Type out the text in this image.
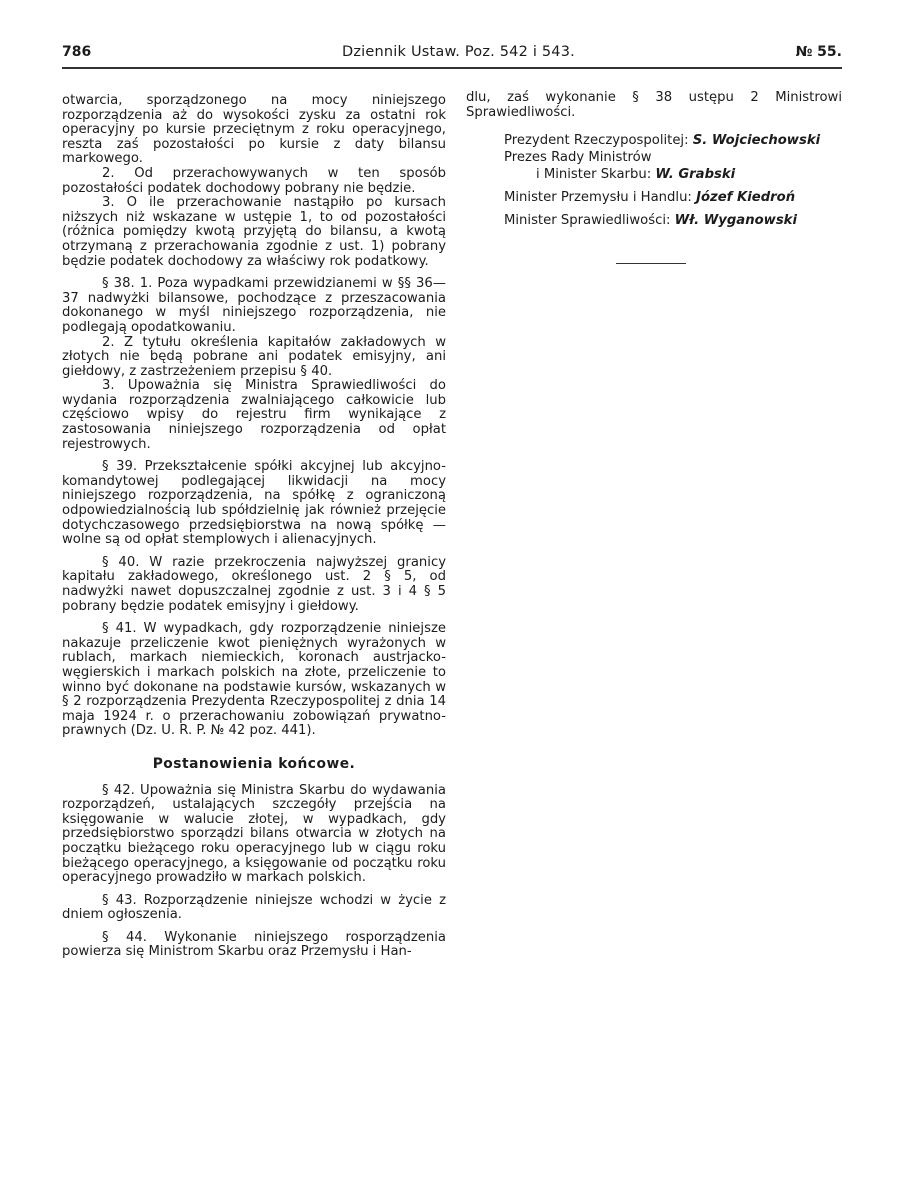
786	Dziennik Ustaw. Poz. 542 i 543.	№ 55.

otwarcia, sporządzonego na mocy niniejszego rozporządzenia aż do wysokości zysku za ostatni rok operacyjny po kursie przeciętnym z roku operacyjnego, reszta zaś pozostałości po kursie z daty bilansu markowego.

2. Od przerachowywanych w ten sposób pozostałości podatek dochodowy pobrany nie będzie.

3. O ile przerachowanie nastąpiło po kursach niższych niż wskazane w ustępie 1, to od pozostałości (różnica pomiędzy kwotą przyjętą do bilansu, a kwotą otrzymaną z przerachowania zgodnie z ust. 1) pobrany będzie podatek dochodowy za właściwy rok podatkowy.

§ 38. 1. Poza wypadkami przewidzianemi w §§ 36—37 nadwyżki bilansowe, pochodzące z przeszacowania dokonanego w myśl niniejszego rozporządzenia, nie podlegają opodatkowaniu.

2. Z tytułu określenia kapitałów zakładowych w złotych nie będą pobrane ani podatek emisyjny, ani giełdowy, z zastrzeżeniem przepisu § 40.

3. Upoważnia się Ministra Sprawiedliwości do wydania rozporządzenia zwalniającego całkowicie lub częściowo wpisy do rejestru firm wynikające z zastosowania niniejszego rozporządzenia od opłat rejestrowych.

§ 39. Przekształcenie spółki akcyjnej lub akcyjno-komandytowej podlegającej likwidacji na mocy niniejszego rozporządzenia, na spółkę z ograniczoną odpowiedzialnością lub spółdzielnię jak również przejęcie dotychczasowego przedsiębiorstwa na nową spółkę — wolne są od opłat stemplowych i alienacyjnych.

§ 40. W razie przekroczenia najwyższej granicy kapitału zakładowego, określonego ust. 2 § 5, od nadwyżki nawet dopuszczalnej zgodnie z ust. 3 i 4 § 5 pobrany będzie podatek emisyjny i giełdowy.

§ 41. W wypadkach, gdy rozporządzenie niniejsze nakazuje przeliczenie kwot pieniężnych wyrażonych w rublach, markach niemieckich, koronach austrjacko-węgierskich i markach polskich na złote, przeliczenie to winno być dokonane na podstawie kursów, wskazanych w § 2 rozporządzenia Prezydenta Rzeczypospolitej z dnia 14 maja 1924 r. o przerachowaniu zobowiązań prywatno-prawnych (Dz. U. R. P. № 42 poz. 441).

Postanowienia końcowe.

§ 42. Upoważnia się Ministra Skarbu do wydawania rozporządzeń, ustalających szczegóły przejścia na księgowanie w walucie złotej, w wypadkach, gdy przedsiębiorstwo sporządzi bilans otwarcia w złotych na początku bieżącego roku operacyjnego lub w ciągu roku bieżącego operacyjnego, a księgowanie od początku roku operacyjnego prowadziło w markach polskich.

§ 43. Rozporządzenie niniejsze wchodzi w życie z dniem ogłoszenia.

§ 44. Wykonanie niniejszego rosporządzenia powierza się Ministrom Skarbu oraz Przemysłu i Han-

dlu, zaś wykonanie § 38 ustępu 2 Ministrowi Sprawiedliwości.

Prezydent Rzeczypospolitej: S. Wojciechowski
Prezes Rady Ministrów
i Minister Skarbu: W. Grabski
Minister Przemysłu i Handlu: Józef Kiedroń
Minister Sprawiedliwości: Wł. Wyganowski
